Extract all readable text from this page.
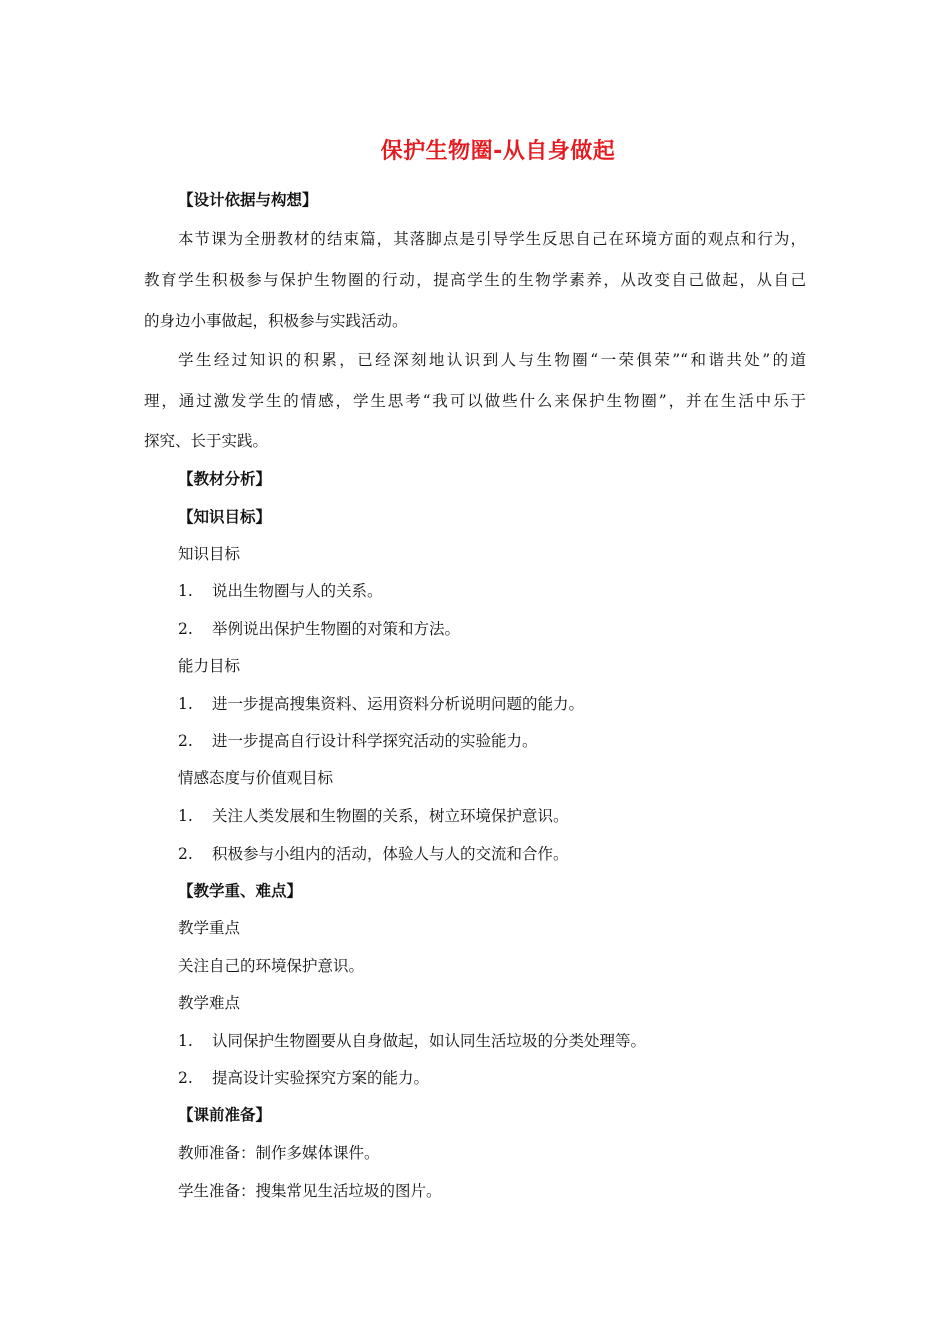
保护生物圈-从自身做起
【设计依据与构想】
本节课为全册教材的结束篇，其落脚点是引导学生反思自己在环境方面的观点和行为，
教育学生积极参与保护生物圈的行动，提高学生的生物学素养，从改变自己做起，从自己
的身边小事做起，积极参与实践活动。
学生经过知识的积累，已经深刻地认识到人与生物圈“一荣俱荣”“和谐共处”的道
理，通过激发学生的情感，学生思考“我可以做些什么来保护生物圈”，并在生活中乐于
探究、长于实践。
【教材分析】
【知识目标】
知识目标
1. 说出生物圈与人的关系。
2. 举例说出保护生物圈的对策和方法。
能力目标
1. 进一步提高搜集资料、运用资料分析说明问题的能力。
2. 进一步提高自行设计科学探究活动的实验能力。
情感态度与价值观目标
1. 关注人类发展和生物圈的关系，树立环境保护意识。
2. 积极参与小组内的活动，体验人与人的交流和合作。
【教学重、难点】
教学重点
关注自己的环境保护意识。
教学难点
1. 认同保护生物圈要从自身做起，如认同生活垃圾的分类处理等。
2. 提高设计实验探究方案的能力。
【课前准备】
教师准备：制作多媒体课件。
学生准备：搜集常见生活垃圾的图片。
